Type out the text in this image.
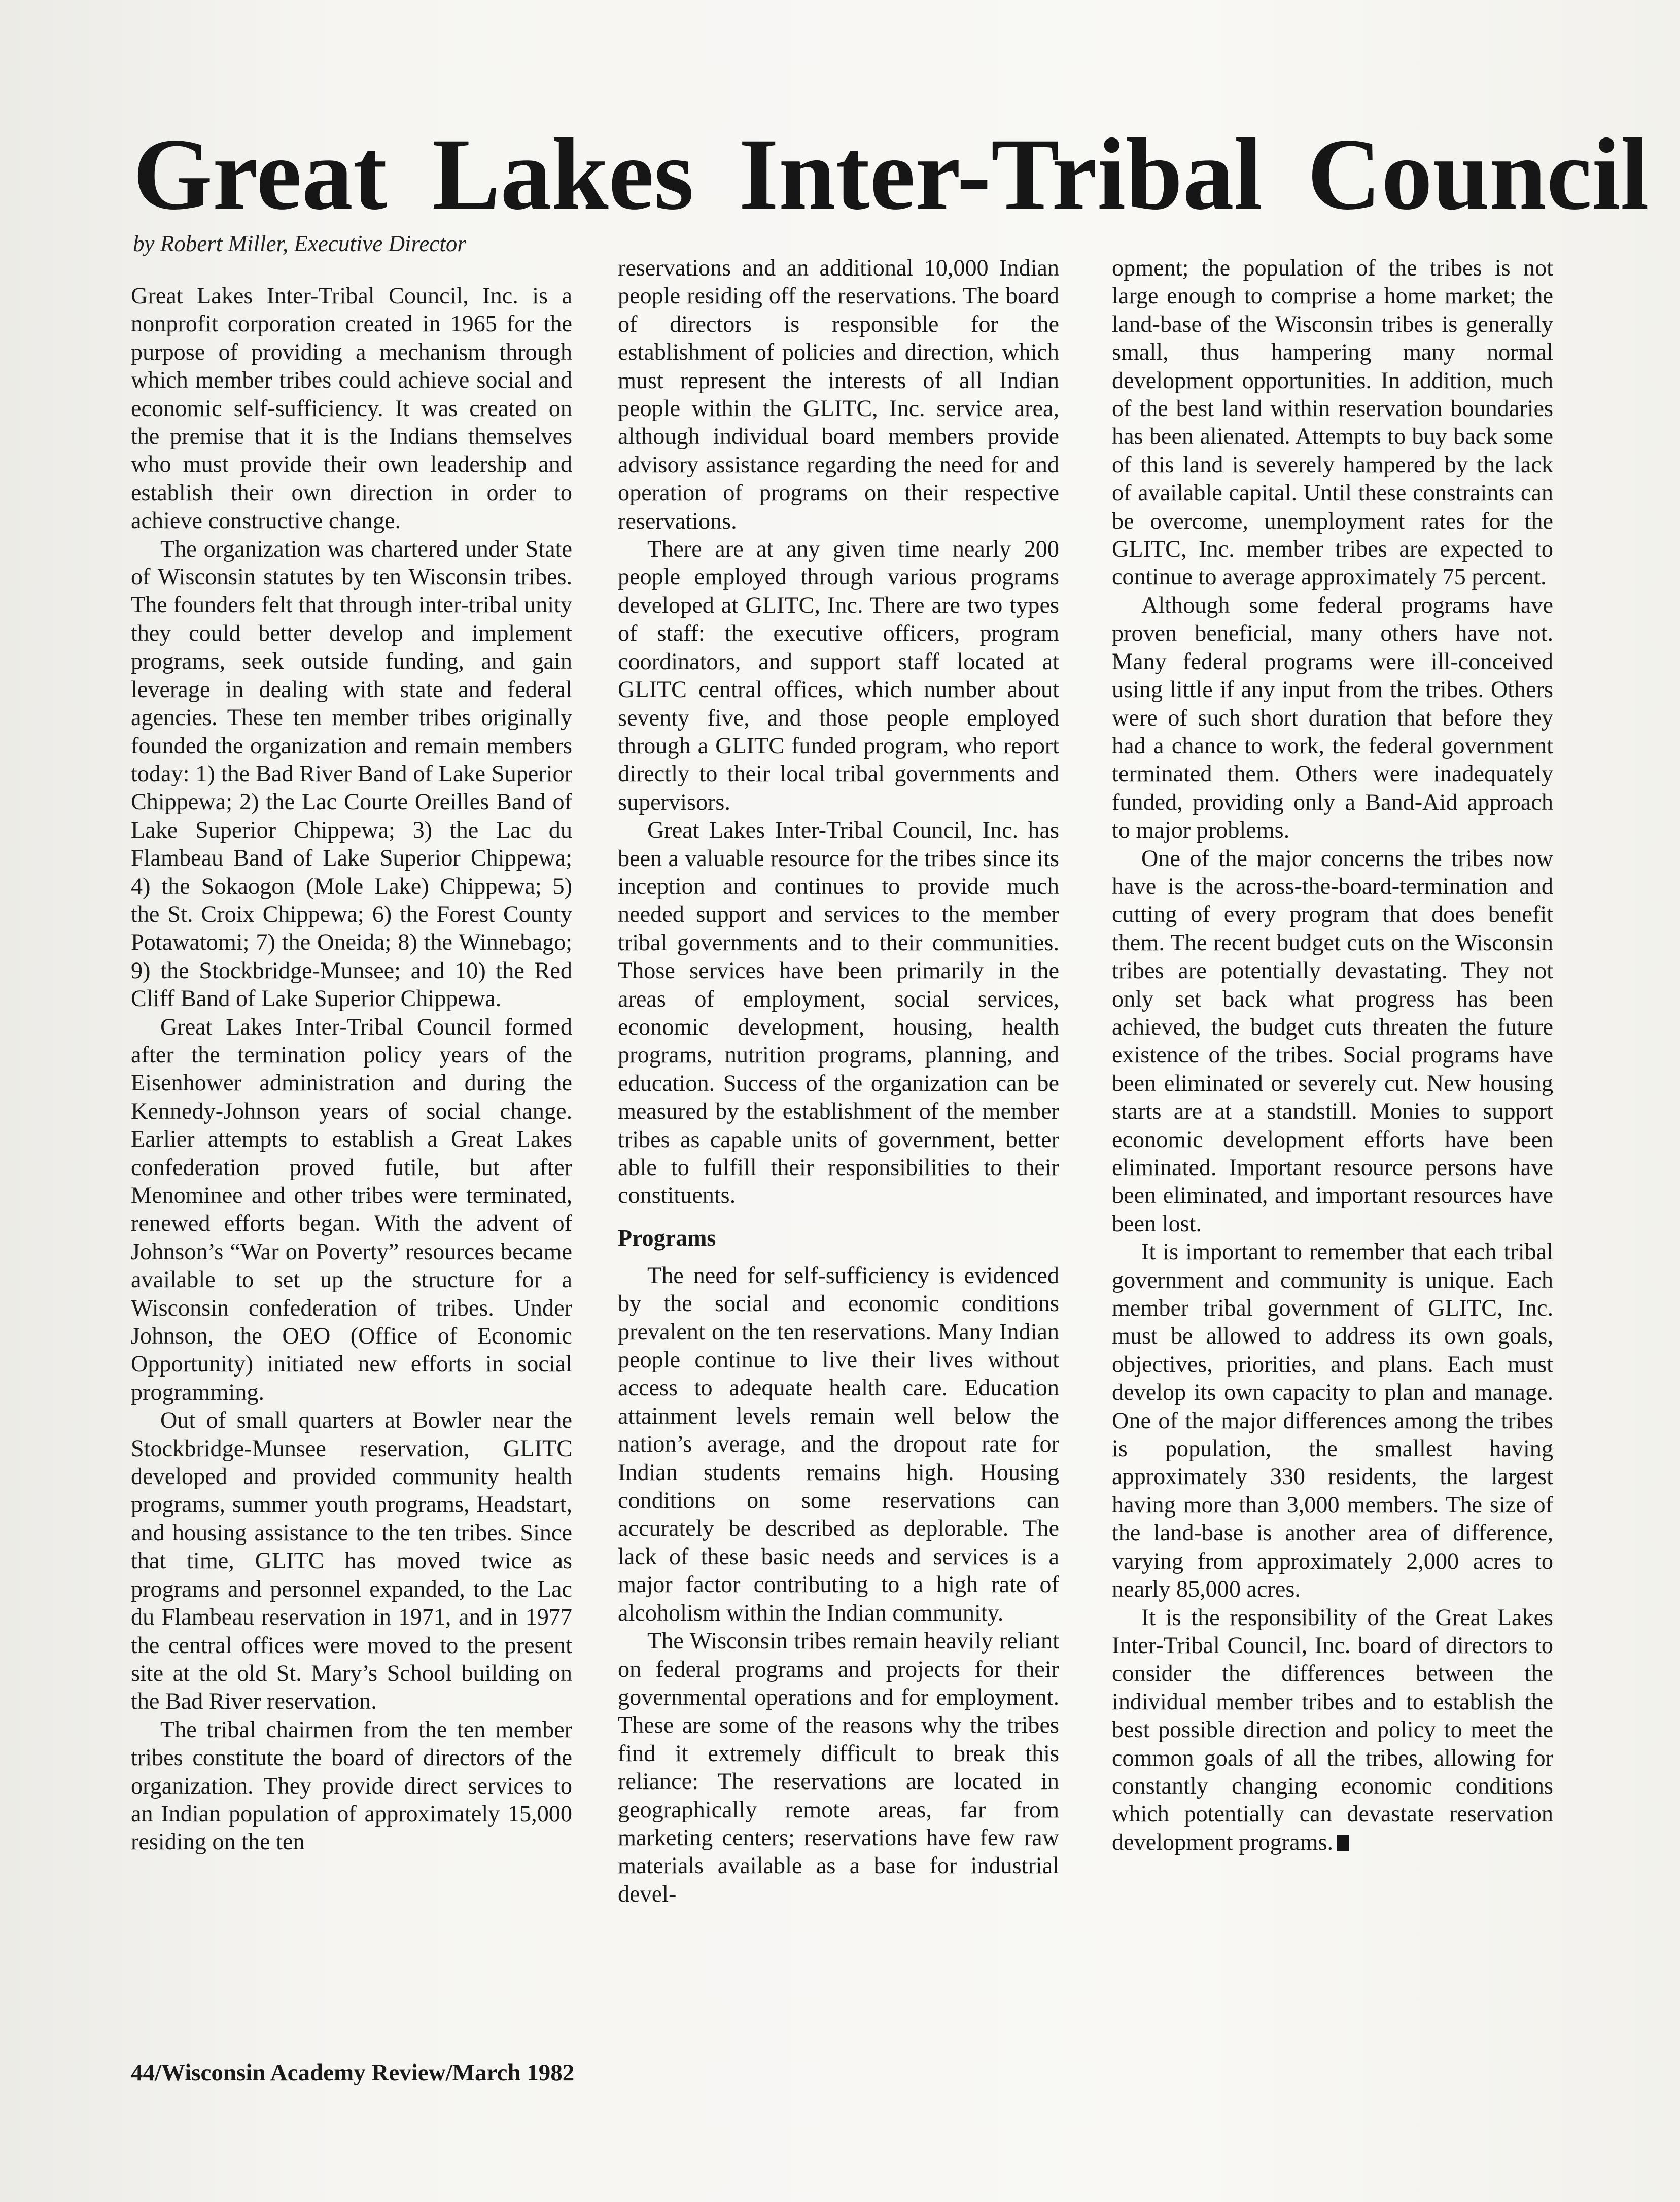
Great Lakes Inter-Tribal Council
by Robert Miller, Executive Director

Great Lakes Inter-Tribal Council, Inc. is a nonprofit corporation created in 1965 for the purpose of providing a mechanism through which member tribes could achieve social and economic self-sufficiency. It was created on the premise that it is the Indians themselves who must provide their own leadership and establish their own direction in order to achieve constructive change.

The organization was chartered under State of Wisconsin statutes by ten Wisconsin tribes. The founders felt that through inter-tribal unity they could better develop and implement programs, seek outside funding, and gain leverage in dealing with state and federal agencies. These ten member tribes originally founded the organization and remain members today: 1) the Bad River Band of Lake Superior Chippewa; 2) the Lac Courte Oreilles Band of Lake Superior Chippewa; 3) the Lac du Flambeau Band of Lake Superior Chippewa; 4) the Sokaogon (Mole Lake) Chippewa; 5) the St. Croix Chippewa; 6) the Forest County Potawatomi; 7) the Oneida; 8) the Winnebago; 9) the Stockbridge-Munsee; and 10) the Red Cliff Band of Lake Superior Chippewa.

Great Lakes Inter-Tribal Council formed after the termination policy years of the Eisenhower administration and during the Kennedy-Johnson years of social change. Earlier attempts to establish a Great Lakes confederation proved futile, but after Menominee and other tribes were terminated, renewed efforts began. With the advent of Johnson’s “War on Poverty” resources became available to set up the structure for a Wisconsin confederation of tribes. Under Johnson, the OEO (Office of Economic Opportunity) initiated new efforts in social programming.

Out of small quarters at Bowler near the Stockbridge-Munsee reservation, GLITC developed and provided community health programs, summer youth programs, Headstart, and housing assistance to the ten tribes. Since that time, GLITC has moved twice as programs and personnel expanded, to the Lac du Flambeau reservation in 1971, and in 1977 the central offices were moved to the present site at the old St. Mary’s School building on the Bad River reservation.

The tribal chairmen from the ten member tribes constitute the board of directors of the organization. They provide direct services to an Indian population of approximately 15,000 residing on the ten

reservations and an additional 10,000 Indian people residing off the reservations. The board of directors is responsible for the establishment of policies and direction, which must represent the interests of all Indian people within the GLITC, Inc. service area, although individual board members provide advisory assistance regarding the need for and operation of programs on their respective reservations.

There are at any given time nearly 200 people employed through various programs developed at GLITC, Inc. There are two types of staff: the executive officers, program coordinators, and support staff located at GLITC central offices, which number about seventy five, and those people employed through a GLITC funded program, who report directly to their local tribal governments and supervisors.

Great Lakes Inter-Tribal Council, Inc. has been a valuable resource for the tribes since its inception and continues to provide much needed support and services to the member tribal governments and to their communities. Those services have been primarily in the areas of employment, social services, economic development, housing, health programs, nutrition programs, planning, and education. Success of the organization can be measured by the establishment of the member tribes as capable units of government, better able to fulfill their responsibilities to their constituents.

Programs

The need for self-sufficiency is evidenced by the social and economic conditions prevalent on the ten reservations. Many Indian people continue to live their lives without access to adequate health care. Education attainment levels remain well below the nation’s average, and the dropout rate for Indian students remains high. Housing conditions on some reservations can accurately be described as deplorable. The lack of these basic needs and services is a major factor contributing to a high rate of alcoholism within the Indian community.

The Wisconsin tribes remain heavily reliant on federal programs and projects for their governmental operations and for employment. These are some of the reasons why the tribes find it extremely difficult to break this reliance: The reservations are located in geographically remote areas, far from marketing centers; reservations have few raw materials available as a base for industrial devel-

opment; the population of the tribes is not large enough to comprise a home market; the land-base of the Wisconsin tribes is generally small, thus hampering many normal development opportunities. In addition, much of the best land within reservation boundaries has been alienated. Attempts to buy back some of this land is severely hampered by the lack of available capital. Until these constraints can be overcome, unemployment rates for the GLITC, Inc. member tribes are expected to continue to average approximately 75 percent.

Although some federal programs have proven beneficial, many others have not. Many federal programs were ill-conceived using little if any input from the tribes. Others were of such short duration that before they had a chance to work, the federal government terminated them. Others were inadequately funded, providing only a Band-Aid approach to major problems.

One of the major concerns the tribes now have is the across-the-board-termination and cutting of every program that does benefit them. The recent budget cuts on the Wisconsin tribes are potentially devastating. They not only set back what progress has been achieved, the budget cuts threaten the future existence of the tribes. Social programs have been eliminated or severely cut. New housing starts are at a standstill. Monies to support economic development efforts have been eliminated. Important resource persons have been eliminated, and important resources have been lost.

It is important to remember that each tribal government and community is unique. Each member tribal government of GLITC, Inc. must be allowed to address its own goals, objectives, priorities, and plans. Each must develop its own capacity to plan and manage. One of the major differences among the tribes is population, the smallest having approximately 330 residents, the largest having more than 3,000 members. The size of the land-base is another area of difference, varying from approximately 2,000 acres to nearly 85,000 acres.

It is the responsibility of the Great Lakes Inter-Tribal Council, Inc. board of directors to consider the differences between the individual member tribes and to establish the best possible direction and policy to meet the common goals of all the tribes, allowing for constantly changing economic conditions which potentially can devastate reservation development programs.

44/Wisconsin Academy Review/March 1982
